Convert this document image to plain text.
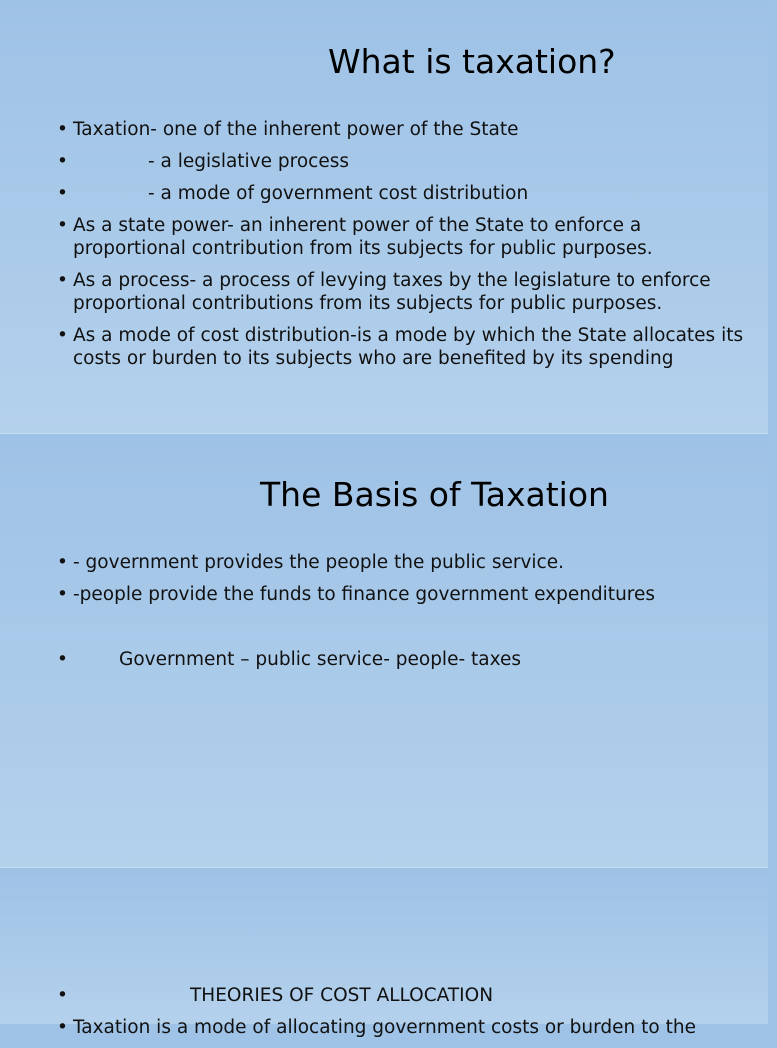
What is taxation?
• Taxation- one of the inherent power of the State
•	- a legislative process
•	- a mode of government cost distribution
• As a state power- an inherent power of the State to enforce a proportional contribution from its subjects for public purposes.
• As a process- a process of levying taxes by the legislature to enforce proportional contributions from its subjects for public purposes.
• As a mode of cost distribution-is a mode by which the State allocates its costs or burden to its subjects who are benefited by its spending
The Basis of Taxation
• - government provides the people the public service.
• -people provide the funds to finance government expenditures
•	Government – public service- people- taxes
•	THEORIES OF COST ALLOCATION
• Taxation is a mode of allocating government costs or burden to the
